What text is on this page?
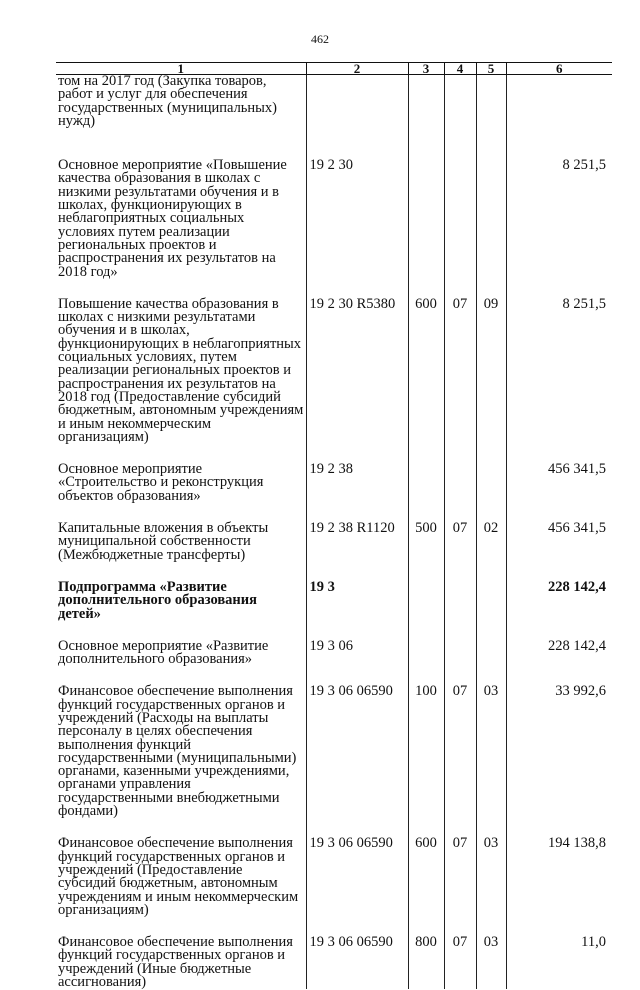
462
1	2	3	4	5	6
том на 2017 год (Закупка товаров, работ и услуг для обеспечения государственных (муниципальных) нужд)					
Основное мероприятие «Повышение качества образования в школах с низкими результатами обучения и в школах, функционирующих в неблагоприятных социальных условиях путем реализации региональных проектов и распространения их результатов на 2018 год»	19 2 30				8 251,5
Повышение качества образования в школах с низкими результатами обучения и в школах, функционирующих в неблагоприятных социальных условиях, путем реализации региональных проектов и распространения их результатов на 2018 год (Предоставление субсидий бюджетным, автономным учреждениям и иным некоммерческим организациям)	19 2 30 R5380	600	07	09	8 251,5
Основное мероприятие «Строительство и реконструкция объектов образования»	19 2 38				456 341,5
Капитальные вложения в объекты муниципальной собственности (Межбюджетные трансферты)	19 2 38 R1120	500	07	02	456 341,5
Подпрограмма «Развитие дополнительного образования детей»	19 3				228 142,4
Основное мероприятие «Развитие дополнительного образования»	19 3 06				228 142,4
Финансовое обеспечение выполнения функций государственных органов и учреждений (Расходы на выплаты персоналу в целях обеспечения выполнения функций государственными (муниципальными) органами, казенными учреждениями, органами управления государственными внебюджетными фондами)	19 3 06 06590	100	07	03	33 992,6
Финансовое обеспечение выполнения функций государственных органов и учреждений (Предоставление субсидий бюджетным, автономным учреждениям и иным некоммерческим организациям)	19 3 06 06590	600	07	03	194 138,8
Финансовое обеспечение выполнения функций государственных органов и учреждений (Иные бюджетные ассигнования)	19 3 06 06590	800	07	03	11,0
